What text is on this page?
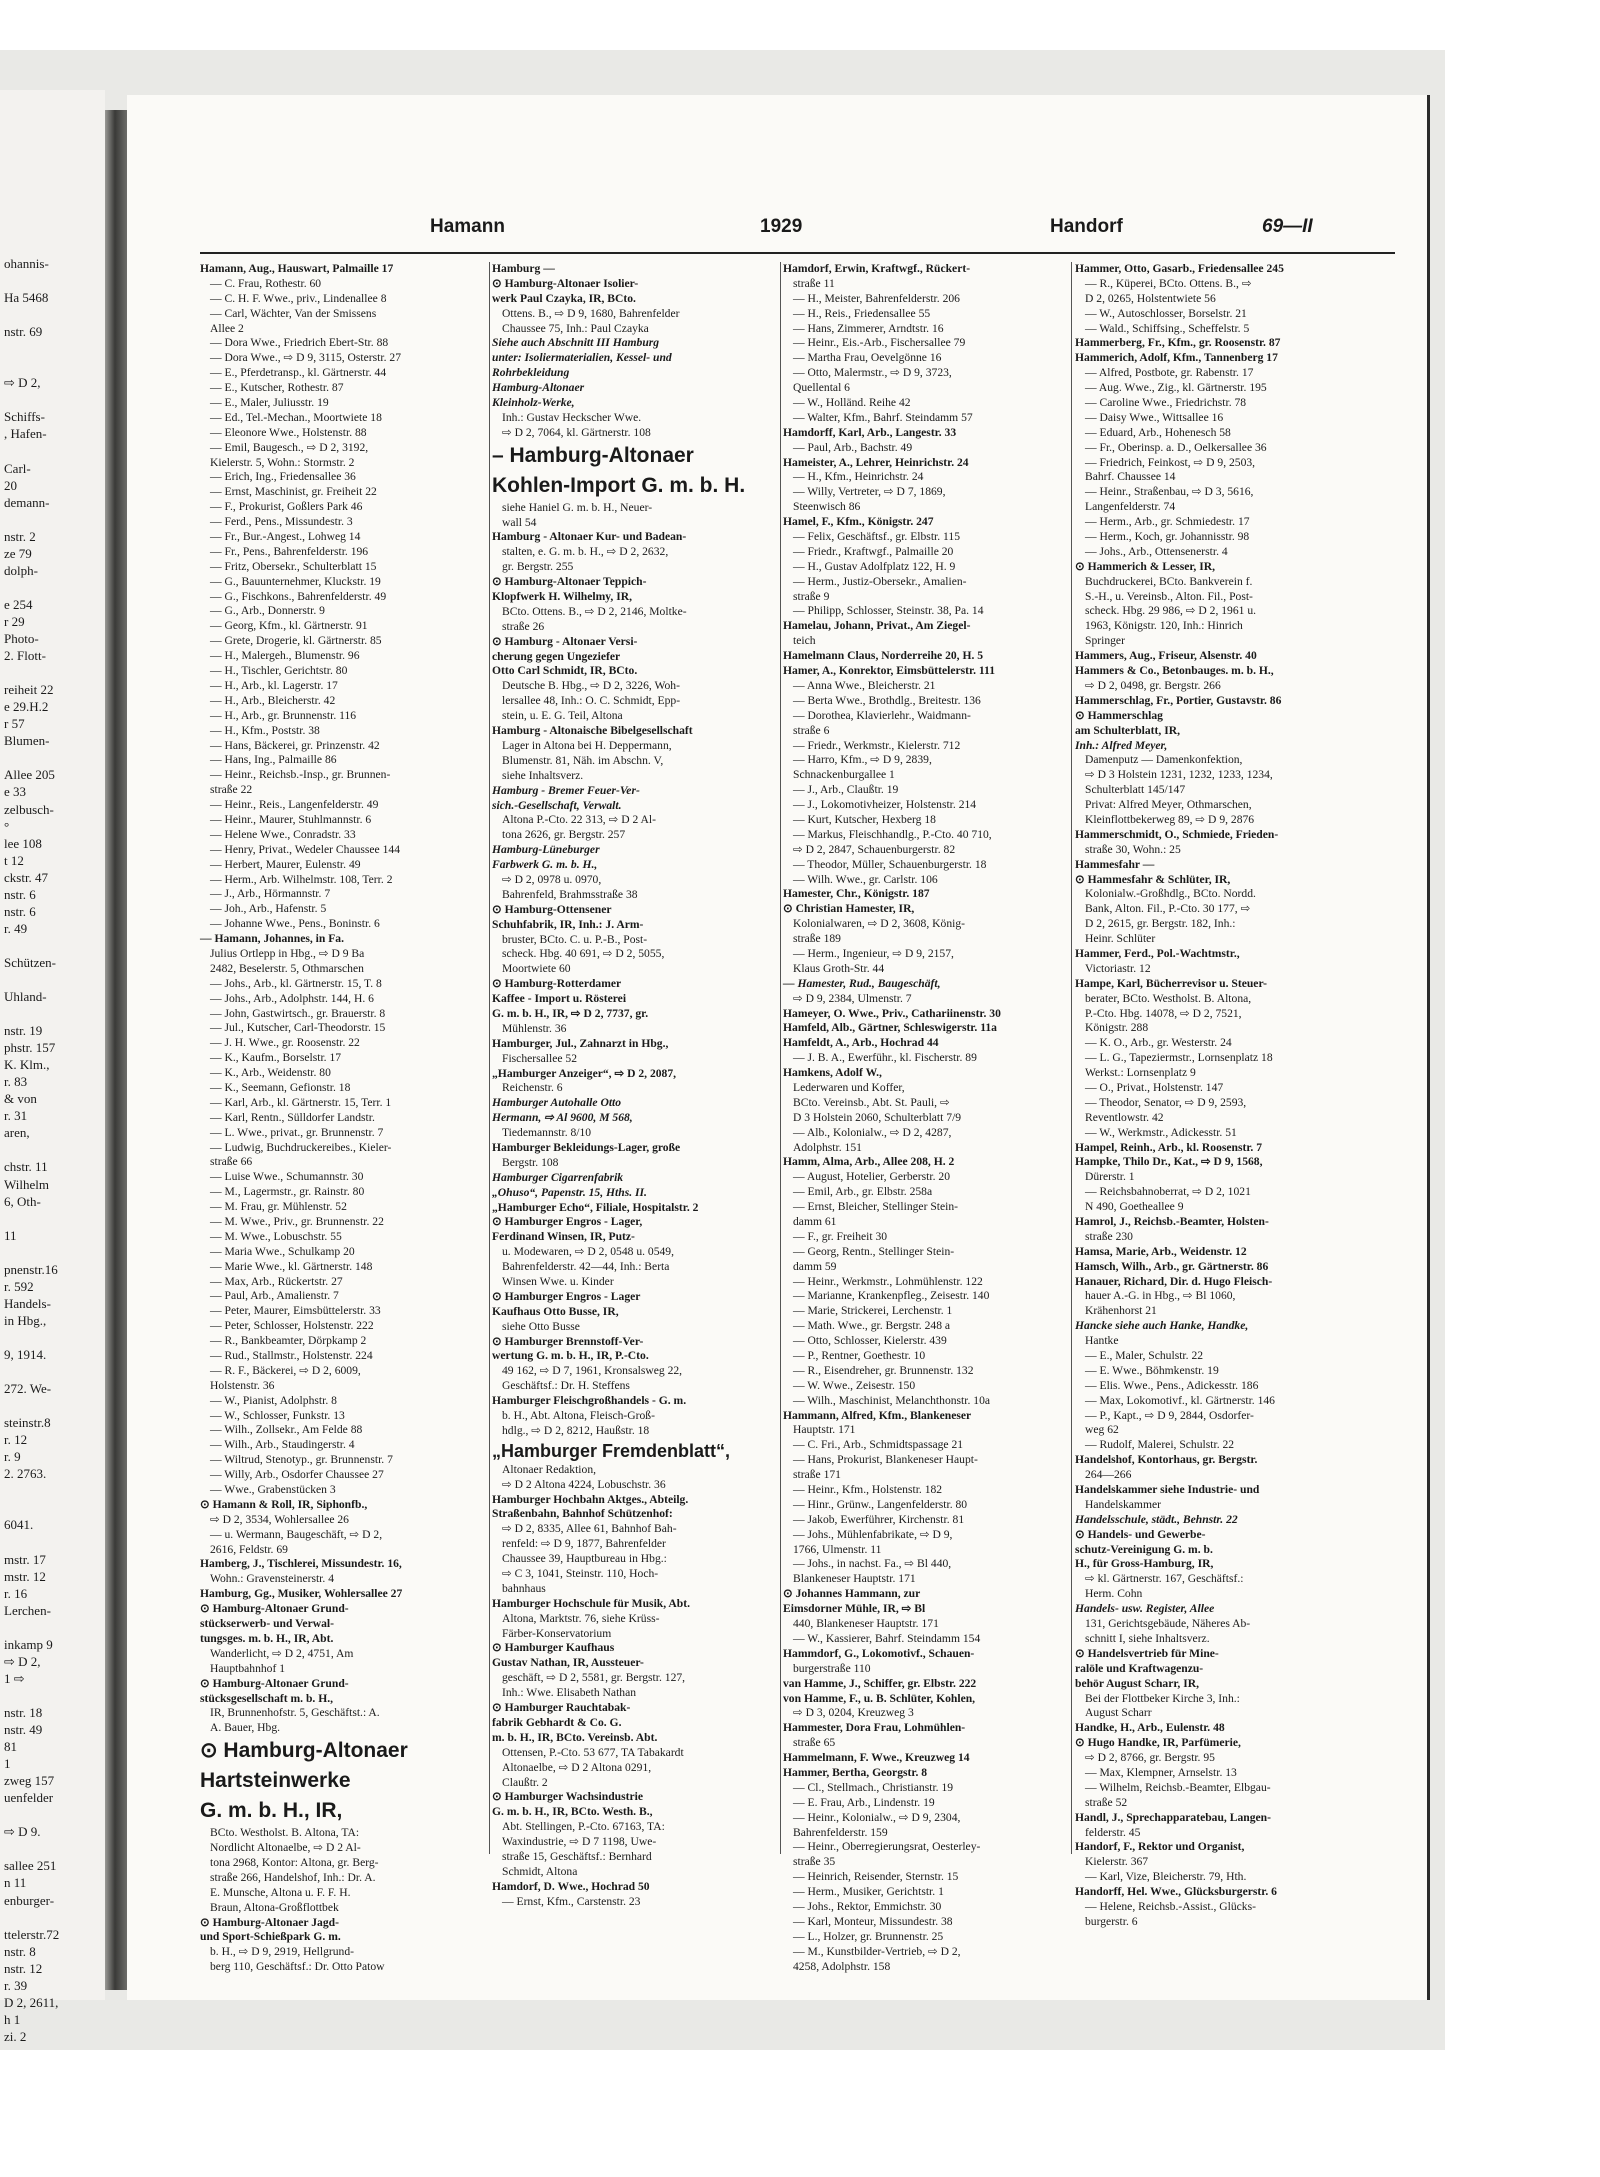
ohannis-
Ha 5468
nstr. 69
⇨ D 2,
Schiffs-
, Hafen-
Carl-
20
demann-
nstr. 2
ze 79
dolph-
e 254
r 29
Photo-
2. Flott-
reiheit 22
e 29.H.2
r 57
Blumen-
Allee 205
e 33
zelbusch-
°
lee 108
t 12
ckstr. 47
nstr. 6
nstr. 6
r. 49
Schützen-
Uhland-
nstr. 19
phstr. 157
K. Klm.,
r. 83
& von
r. 31
aren,
chstr. 11
Wilhelm
6, Oth-
11
pnenstr.16
r. 592
Handels-
in Hbg.,
9, 1914.
272. We-
steinstr.8
r. 12
r. 9
2. 2763.
6041.
mstr. 17
mstr. 12
r. 16
Lerchen-
inkamp 9
⇨ D 2,
1 ⇨
nstr. 18
nstr. 49
81
1
zweg 157
uenfelder
⇨ D 9.
sallee 251
n 11
enburger-
ttelerstr.72
nstr. 8
nstr. 12
r. 39
D 2, 2611,
h 1
zi. 2
Hamann	1929	Handorf	69—II
Hamann, Aug., Hauswart, Palmaille 17
— C. Frau, Rothestr. 60
— C. H. F. Wwe., priv., Lindenallee 8
— Carl, Wächter, Van der Smissens
Allee 2
— Dora Wwe., Friedrich Ebert-Str. 88
— Dora Wwe., ⇨ D 9, 3115, Osterstr. 27
— E., Pferdetransp., kl. Gärtnerstr. 44
— E., Kutscher, Rothestr. 87
— E., Maler, Juliusstr. 19
— Ed., Tel.-Mechan., Moortwiete 18
— Eleonore Wwe., Holstenstr. 88
— Emil, Baugesch., ⇨ D 2, 3192,
Kielerstr. 5, Wohn.: Stormstr. 2
— Erich, Ing., Friedensallee 36
— Ernst, Maschinist, gr. Freiheit 22
— F., Prokurist, Goßlers Park 46
— Ferd., Pens., Missundestr. 3
— Fr., Bur.-Angest., Lohweg 14
— Fr., Pens., Bahrenfelderstr. 196
— Fritz, Obersekr., Schulterblatt 15
— G., Bauunternehmer, Kluckstr. 19
— G., Fischkons., Bahrenfelderstr. 49
— G., Arb., Donnerstr. 9
— Georg, Kfm., kl. Gärtnerstr. 91
— Grete, Drogerie, kl. Gärtnerstr. 85
— H., Malergeh., Blumenstr. 96
— H., Tischler, Gerichtstr. 80
— H., Arb., kl. Lagerstr. 17
— H., Arb., Bleicherstr. 42
— H., Arb., gr. Brunnenstr. 116
— H., Kfm., Poststr. 38
— Hans, Bäckerei, gr. Prinzenstr. 42
— Hans, Ing., Palmaille 86
— Heinr., Reichsb.-Insp., gr. Brunnen-
straße 22
— Heinr., Reis., Langenfelderstr. 49
— Heinr., Maurer, Stuhlmannstr. 6
— Helene Wwe., Conradstr. 33
— Henry, Privat., Wedeler Chaussee 144
— Herbert, Maurer, Eulenstr. 49
— Herm., Arb. Wilhelmstr. 108, Terr. 2
— J., Arb., Hörmannstr. 7
— Joh., Arb., Hafenstr. 5
— Johanne Wwe., Pens., Boninstr. 6
— Hamann, Johannes, in Fa.
Julius Ortlepp in Hbg., ⇨ D 9 Ba
2482, Beselerstr. 5, Othmarschen
— Johs., Arb., kl. Gärtnerstr. 15, T. 8
— Johs., Arb., Adolphstr. 144, H. 6
— John, Gastwirtsch., gr. Brauerstr. 8
— Jul., Kutscher, Carl-Theodorstr. 15
— J. H. Wwe., gr. Roosenstr. 22
— K., Kaufm., Borselstr. 17
— K., Arb., Weidenstr. 80
— K., Seemann, Gefionstr. 18
— Karl, Arb., kl. Gärtnerstr. 15, Terr. 1
— Karl, Rentn., Sülldorfer Landstr.
— L. Wwe., privat., gr. Brunnenstr. 7
— Ludwig, Buchdruckereibes., Kieler-
straße 66
— Luise Wwe., Schumannstr. 30
— M., Lagermstr., gr. Rainstr. 80
— M. Frau, gr. Mühlenstr. 52
— M. Wwe., Priv., gr. Brunnenstr. 22
— M. Wwe., Lobuschstr. 55
— Maria Wwe., Schulkamp 20
— Marie Wwe., kl. Gärtnerstr. 148
— Max, Arb., Rückertstr. 27
— Paul, Arb., Amalienstr. 7
— Peter, Maurer, Eimsbüttelerstr. 33
— Peter, Schlosser, Holstenstr. 222
— R., Bankbeamter, Dörpkamp 2
— Rud., Stallmstr., Holstenstr. 224
— R. F., Bäckerei, ⇨ D 2, 6009,
Holstenstr. 36
— W., Pianist, Adolphstr. 8
— W., Schlosser, Funkstr. 13
— Wilh., Zollsekr., Am Felde 88
— Wilh., Arb., Staudingerstr. 4
— Wiltrud, Stenotyp., gr. Brunnenstr. 7
— Willy, Arb., Osdorfer Chaussee 27
— Wwe., Grabenstücken 3
⊙ Hamann & Roll, IR, Siphonfb.,
⇨ D 2, 3534, Wohlersallee 26
— u. Wermann, Baugeschäft, ⇨ D 2,
2616, Feldstr. 69
Hamberg, J., Tischlerei, Missundestr. 16,
Wohn.: Gravensteinerstr. 4
Hamburg, Gg., Musiker, Wohlersallee 27
⊙ Hamburg-Altonaer Grund-
stückserwerb- und Verwal-
tungsges. m. b. H., IR, Abt.
Wanderlicht, ⇨ D 2, 4751, Am
Hauptbahnhof 1
⊙ Hamburg-Altonaer Grund-
stücksgesellschaft m. b. H.,
IR, Brunnenhofstr. 5, Geschäftst.: A.
A. Bauer, Hbg.
⊙ Hamburg-Altonaer
Hartsteinwerke
G. m. b. H., IR,
BCto. Westholst. B. Altona, TA:
Nordlicht Altonaelbe, ⇨ D 2 Al-
tona 2968, Kontor: Altona, gr. Berg-
straße 266, Handelshof, Inh.: Dr. A.
E. Munsche, Altona u. F. F. H.
Braun, Altona-Großflottbek
⊙ Hamburg-Altonaer Jagd-
und Sport-Schießpark G. m.
b. H., ⇨ D 9, 2919, Hellgrund-
berg 110, Geschäftsf.: Dr. Otto Patow
Hamburg —
⊙ Hamburg-Altonaer Isolier-
werk Paul Czayka, IR, BCto.
Ottens. B., ⇨ D 9, 1680, Bahrenfelder
Chaussee 75, Inh.: Paul Czayka
Siehe auch Abschnitt III Hamburg
unter: Isoliermaterialien, Kessel- und
Rohrbekleidung
Hamburg-Altonaer
Kleinholz-Werke,
Inh.: Gustav Heckscher Wwe.
⇨ D 2, 7064, kl. Gärtnerstr. 108
– Hamburg-Altonaer
Kohlen-Import G. m. b. H.
siehe Haniel G. m. b. H., Neuer-
wall 54
Hamburg - Altonaer Kur- und Badean-
stalten, e. G. m. b. H., ⇨ D 2, 2632,
gr. Bergstr. 255
⊙ Hamburg-Altonaer Teppich-
Klopfwerk H. Wilhelmy, IR,
BCto. Ottens. B., ⇨ D 2, 2146, Moltke-
straße 26
⊙ Hamburg - Altonaer Versi-
cherung gegen Ungeziefer
Otto Carl Schmidt, IR, BCto.
Deutsche B. Hbg., ⇨ D 2, 3226, Woh-
lersallee 48, Inh.: O. C. Schmidt, Epp-
stein, u. E. G. Teil, Altona
Hamburg - Altonaische Bibelgesellschaft
Lager in Altona bei H. Deppermann,
Blumenstr. 81, Näh. im Abschn. V,
siehe Inhaltsverz.
Hamburg - Bremer Feuer-Ver-
sich.-Gesellschaft, Verwalt.
Altona P.-Cto. 22 313, ⇨ D 2 Al-
tona 2626, gr. Bergstr. 257
Hamburg-Lüneburger
Farbwerk G. m. b. H.,
⇨ D 2, 0978 u. 0970,
Bahrenfeld, Brahmsstraße 38
⊙ Hamburg-Ottensener
Schuhfabrik, IR, Inh.: J. Arm-
bruster, BCto. C. u. P.-B., Post-
scheck. Hbg. 40 691, ⇨ D 2, 5055,
Moortwiete 60
⊙ Hamburg-Rotterdamer
Kaffee - Import u. Rösterei
G. m. b. H., IR, ⇨ D 2, 7737, gr.
Mühlenstr. 36
Hamburger, Jul., Zahnarzt in Hbg.,
Fischersallee 52
„Hamburger Anzeiger“, ⇨ D 2, 2087,
Reichenstr. 6
Hamburger Autohalle Otto
Hermann, ⇨ Al 9600, M 568,
Tiedemannstr. 8/10
Hamburger Bekleidungs-Lager, große
Bergstr. 108
Hamburger Cigarrenfabrik
„Ohuso“, Papenstr. 15, Hths. II.
„Hamburger Echo“, Filiale, Hospitalstr. 2
⊙ Hamburger Engros - Lager,
Ferdinand Winsen, IR, Putz-
u. Modewaren, ⇨ D 2, 0548 u. 0549,
Bahrenfelderstr. 42—44, Inh.: Berta
Winsen Wwe. u. Kinder
⊙ Hamburger Engros - Lager
Kaufhaus Otto Busse, IR,
siehe Otto Busse
⊙ Hamburger Brennstoff-Ver-
wertung G. m. b. H., IR, P.-Cto.
49 162, ⇨ D 7, 1961, Kronsalsweg 22,
Geschäftsf.: Dr. H. Steffens
Hamburger Fleischgroßhandels - G. m.
b. H., Abt. Altona, Fleisch-Groß-
hdlg., ⇨ D 2, 8212, Haußstr. 18
„Hamburger Fremdenblatt“,
Altonaer Redaktion,
⇨ D 2 Altona 4224, Lobuschstr. 36
Hamburger Hochbahn Aktges., Abteilg.
Straßenbahn, Bahnhof Schützenhof:
⇨ D 2, 8335, Allee 61, Bahnhof Bah-
renfeld: ⇨ D 9, 1877, Bahrenfelder
Chaussee 39, Hauptbureau in Hbg.:
⇨ C 3, 1041, Steinstr. 110, Hoch-
bahnhaus
Hamburger Hochschule für Musik, Abt.
Altona, Marktstr. 76, siehe Krüss-
Färber-Konservatorium
⊙ Hamburger Kaufhaus
Gustav Nathan, IR, Aussteuer-
geschäft, ⇨ D 2, 5581, gr. Bergstr. 127,
Inh.: Wwe. Elisabeth Nathan
⊙ Hamburger Rauchtabak-
fabrik Gebhardt & Co. G.
m. b. H., IR, BCto. Vereinsb. Abt.
Ottensen, P.-Cto. 53 677, TA Tabakardt
Altonaelbe, ⇨ D 2 Altona 0291,
Claußtr. 2
⊙ Hamburger Wachsindustrie
G. m. b. H., IR, BCto. Westh. B.,
Abt. Stellingen, P.-Cto. 67163, TA:
Waxindustrie, ⇨ D 7 1198, Uwe-
straße 15, Geschäftsf.: Bernhard
Schmidt, Altona
Hamdorf, D. Wwe., Hochrad 50
— Ernst, Kfm., Carstenstr. 23
Hamdorf, Erwin, Kraftwgf., Rückert-
straße 11
— H., Meister, Bahrenfelderstr. 206
— H., Reis., Friedensallee 55
— Hans, Zimmerer, Arndtstr. 16
— Heinr., Eis.-Arb., Fischersallee 79
— Martha Frau, Oevelgönne 16
— Otto, Malermstr., ⇨ D 9, 3723,
Quellental 6
— W., Holländ. Reihe 42
— Walter, Kfm., Bahrf. Steindamm 57
Hamdorff, Karl, Arb., Langestr. 33
— Paul, Arb., Bachstr. 49
Hameister, A., Lehrer, Heinrichstr. 24
— H., Kfm., Heinrichstr. 24
— Willy, Vertreter, ⇨ D 7, 1869,
Steenwisch 86
Hamel, F., Kfm., Königstr. 247
— Felix, Geschäftsf., gr. Elbstr. 115
— Friedr., Kraftwgf., Palmaille 20
— H., Gustav Adolfplatz 122, H. 9
— Herm., Justiz-Obersekr., Amalien-
straße 9
— Philipp, Schlosser, Steinstr. 38, Pa. 14
Hamelau, Johann, Privat., Am Ziegel-
teich
Hamelmann Claus, Norderreihe 20, H. 5
Hamer, A., Konrektor, Eimsbüttelerstr. 111
— Anna Wwe., Bleicherstr. 21
— Berta Wwe., Brothdlg., Breitestr. 136
— Dorothea, Klavierlehr., Waidmann-
straße 6
— Friedr., Werkmstr., Kielerstr. 712
— Harro, Kfm., ⇨ D 9, 2839,
Schnackenburgallee 1
— J., Arb., Claußtr. 19
— J., Lokomotivheizer, Holstenstr. 214
— Kurt, Kutscher, Hexberg 18
— Markus, Fleischhandlg., P.-Cto. 40 710,
⇨ D 2, 2847, Schauenburgerstr. 82
— Theodor, Müller, Schauenburgerstr. 18
— Wilh. Wwe., gr. Carlstr. 106
Hamester, Chr., Königstr. 187
⊙ Christian Hamester, IR,
Kolonialwaren, ⇨ D 2, 3608, König-
straße 189
— Herm., Ingenieur, ⇨ D 9, 2157,
Klaus Groth-Str. 44
— Hamester, Rud., Baugeschäft,
⇨ D 9, 2384, Ulmenstr. 7
Hameyer, O. Wwe., Priv., Cathariinenstr. 30
Hamfeld, Alb., Gärtner, Schleswigerstr. 11a
Hamfeldt, A., Arb., Hochrad 44
— J. B. A., Ewerführ., kl. Fischerstr. 89
Hamkens, Adolf W.,
Lederwaren und Koffer,
BCto. Vereinsb., Abt. St. Pauli, ⇨
D 3 Holstein 2060, Schulterblatt 7/9
— Alb., Kolonialw., ⇨ D 2, 4287,
Adolphstr. 151
Hamm, Alma, Arb., Allee 208, H. 2
— August, Hotelier, Gerberstr. 20
— Emil, Arb., gr. Elbstr. 258a
— Ernst, Bleicher, Stellinger Stein-
damm 61
— F., gr. Freiheit 30
— Georg, Rentn., Stellinger Stein-
damm 59
— Heinr., Werkmstr., Lohmühlenstr. 122
— Marianne, Krankenpfleg., Zeisestr. 140
— Marie, Strickerei, Lerchenstr. 1
— Math. Wwe., gr. Bergstr. 248 a
— Otto, Schlosser, Kielerstr. 439
— P., Rentner, Goethestr. 10
— R., Eisendreher, gr. Brunnenstr. 132
— W. Wwe., Zeisestr. 150
— Wilh., Maschinist, Melanchthonstr. 10a
Hammann, Alfred, Kfm., Blankeneser
Hauptstr. 171
— C. Fri., Arb., Schmidtspassage 21
— Hans, Prokurist, Blankeneser Haupt-
straße 171
— Heinr., Kfm., Holstenstr. 182
— Hinr., Grünw., Langenfelderstr. 80
— Jakob, Ewerführer, Kirchenstr. 81
— Johs., Mühlenfabrikate, ⇨ D 9,
1766, Ulmenstr. 11
— Johs., in nachst. Fa., ⇨ Bl 440,
Blankeneser Hauptstr. 171
⊙ Johannes Hammann, zur
Eimsdorner Mühle, IR, ⇨ Bl
440, Blankeneser Hauptstr. 171
— W., Kassierer, Bahrf. Steindamm 154
Hammdorf, G., Lokomotivf., Schauen-
burgerstraße 110
van Hamme, J., Schiffer, gr. Elbstr. 222
von Hamme, F., u. B. Schlüter, Kohlen,
⇨ D 3, 0204, Kreuzweg 3
Hammester, Dora Frau, Lohmühlen-
straße 65
Hammelmann, F. Wwe., Kreuzweg 14
Hammer, Bertha, Georgstr. 8
— Cl., Stellmach., Christianstr. 19
— E. Frau, Arb., Lindenstr. 19
— Heinr., Kolonialw., ⇨ D 9, 2304,
Bahrenfelderstr. 159
— Heinr., Oberregierungsrat, Oesterley-
straße 35
— Heinrich, Reisender, Sternstr. 15
— Herm., Musiker, Gerichtstr. 1
— Johs., Rektor, Emmichstr. 30
— Karl, Monteur, Missundestr. 38
— L., Holzer, gr. Brunnenstr. 25
— M., Kunstbilder-Vertrieb, ⇨ D 2,
4258, Adolphstr. 158
Hammer, Otto, Gasarb., Friedensallee 245
— R., Küperei, BCto. Ottens. B., ⇨
D 2, 0265, Holstentwiete 56
— W., Autoschlosser, Borselstr. 21
— Wald., Schiffsing., Scheffelstr. 5
Hammerberg, Fr., Kfm., gr. Roosenstr. 87
Hammerich, Adolf, Kfm., Tannenberg 17
— Alfred, Postbote, gr. Rabenstr. 17
— Aug. Wwe., Zig., kl. Gärtnerstr. 195
— Caroline Wwe., Friedrichstr. 78
— Daisy Wwe., Wittsallee 16
— Eduard, Arb., Hohenesch 58
— Fr., Oberinsp. a. D., Oelkersallee 36
— Friedrich, Feinkost, ⇨ D 9, 2503,
Bahrf. Chaussee 14
— Heinr., Straßenbau, ⇨ D 3, 5616,
Langenfelderstr. 74
— Herm., Arb., gr. Schmiedestr. 17
— Herm., Koch, gr. Johannisstr. 98
— Johs., Arb., Ottensenerstr. 4
⊙ Hammerich & Lesser, IR,
Buchdruckerei, BCto. Bankverein f.
S.-H., u. Vereinsb., Alton. Fil., Post-
scheck. Hbg. 29 986, ⇨ D 2, 1961 u.
1963, Königstr. 120, Inh.: Hinrich
Springer
Hammers, Aug., Friseur, Alsenstr. 40
Hammers & Co., Betonbauges. m. b. H.,
⇨ D 2, 0498, gr. Bergstr. 266
Hammerschlag, Fr., Portier, Gustavstr. 86
⊙ Hammerschlag
am Schulterblatt, IR,
Inh.: Alfred Meyer,
Damenputz — Damenkonfektion,
⇨ D 3 Holstein 1231, 1232, 1233, 1234,
Schulterblatt 145/147
Privat: Alfred Meyer, Othmarschen,
Kleinflottbekerweg 89, ⇨ D 9, 2876
Hammerschmidt, O., Schmiede, Frieden-
straße 30, Wohn.: 25
Hammesfahr —
⊙ Hammesfahr & Schlüter, IR,
Kolonialw.-Großhdlg., BCto. Nordd.
Bank, Alton. Fil., P.-Cto. 30 177, ⇨
D 2, 2615, gr. Bergstr. 182, Inh.:
Heinr. Schlüter
Hammer, Ferd., Pol.-Wachtmstr.,
Victoriastr. 12
Hampe, Karl, Bücherrevisor u. Steuer-
berater, BCto. Westholst. B. Altona,
P.-Cto. Hbg. 14078, ⇨ D 2, 7521,
Königstr. 288
— K. O., Arb., gr. Westerstr. 24
— L. G., Tapeziermstr., Lornsenplatz 18
Werkst.: Lornsenplatz 9
— O., Privat., Holstenstr. 147
— Theodor, Senator, ⇨ D 9, 2593,
Reventlowstr. 42
— W., Werkmstr., Adickesstr. 51
Hampel, Reinh., Arb., kl. Roosenstr. 7
Hampke, Thilo Dr., Kat., ⇨ D 9, 1568,
Dürerstr. 1
— Reichsbahnoberrat, ⇨ D 2, 1021
N 490, Goetheallee 9
Hamrol, J., Reichsb.-Beamter, Holsten-
straße 230
Hamsa, Marie, Arb., Weidenstr. 12
Hamsch, Wilh., Arb., gr. Gärtnerstr. 86
Hanauer, Richard, Dir. d. Hugo Fleisch-
hauer A.-G. in Hbg., ⇨ Bl 1060,
Krähenhorst 21
Hancke siehe auch Hanke, Handke,
Hantke
— E., Maler, Schulstr. 22
— E. Wwe., Böhmkenstr. 19
— Elis. Wwe., Pens., Adickesstr. 186
— Max, Lokomotivf., kl. Gärtnerstr. 146
— P., Kapt., ⇨ D 9, 2844, Osdorfer-
weg 62
— Rudolf, Malerei, Schulstr. 22
Handelshof, Kontorhaus, gr. Bergstr.
264—266
Handelskammer siehe Industrie- und
Handelskammer
Handelsschule, städt., Behnstr. 22
⊙ Handels- und Gewerbe-
schutz-Vereinigung G. m. b.
H., für Gross-Hamburg, IR,
⇨ kl. Gärtnerstr. 167, Geschäftsf.:
Herm. Cohn
Handels- usw. Register, Allee
131, Gerichtsgebäude, Näheres Ab-
schnitt I, siehe Inhaltsverz.
⊙ Handelsvertrieb für Mine-
ralöle und Kraftwagenzu-
behör August Scharr, IR,
Bei der Flottbeker Kirche 3, Inh.:
August Scharr
Handke, H., Arb., Eulenstr. 48
⊙ Hugo Handke, IR, Parfümerie,
⇨ D 2, 8766, gr. Bergstr. 95
— Max, Klempner, Arnselstr. 13
— Wilhelm, Reichsb.-Beamter, Elbgau-
straße 52
Handl, J., Sprechapparatebau, Langen-
felderstr. 45
Handorf, F., Rektor und Organist,
Kielerstr. 367
— Karl, Vize, Bleicherstr. 79, Hth.
Handorff, Hel. Wwe., Glücksburgerstr. 6
— Helene, Reichsb.-Assist., Glücks-
burgerstr. 6
